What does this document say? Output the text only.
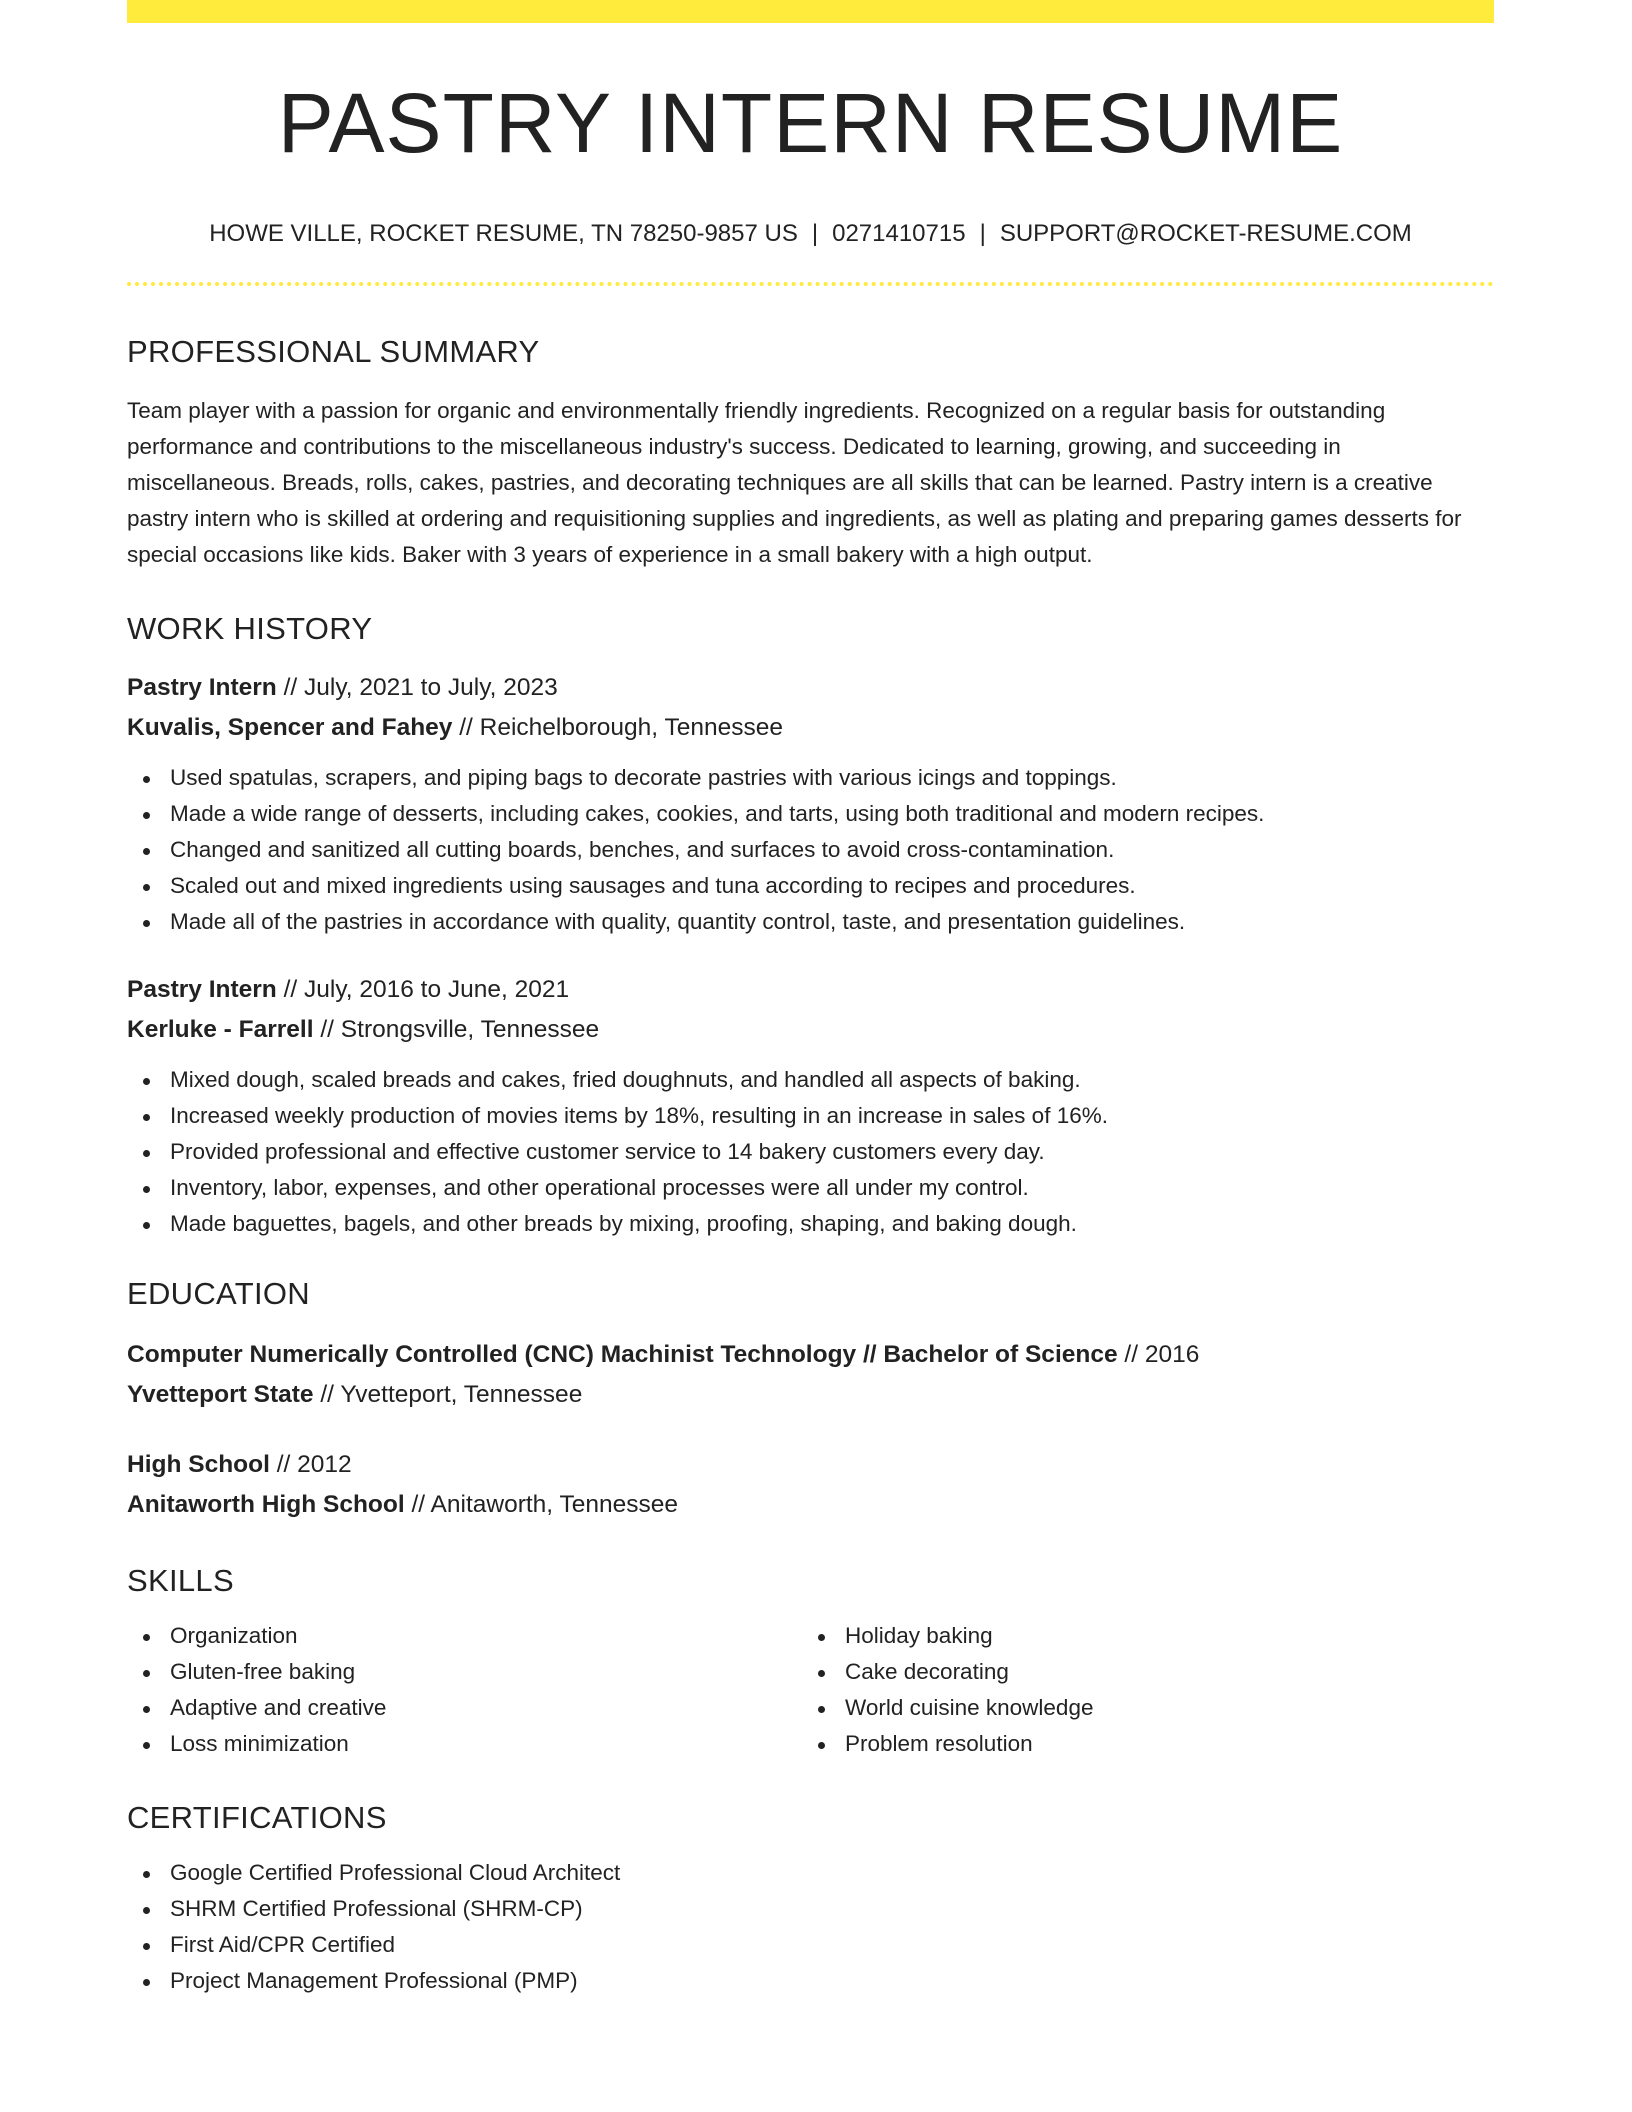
PASTRY INTERN RESUME
HOWE VILLE, ROCKET RESUME, TN 78250-9857 US | 0271410715 | SUPPORT@ROCKET-RESUME.COM
PROFESSIONAL SUMMARY
Team player with a passion for organic and environmentally friendly ingredients. Recognized on a regular basis for outstanding performance and contributions to the miscellaneous industry's success. Dedicated to learning, growing, and succeeding in miscellaneous. Breads, rolls, cakes, pastries, and decorating techniques are all skills that can be learned. Pastry intern is a creative pastry intern who is skilled at ordering and requisitioning supplies and ingredients, as well as plating and preparing games desserts for special occasions like kids. Baker with 3 years of experience in a small bakery with a high output.
WORK HISTORY
Pastry Intern // July, 2021 to July, 2023
Kuvalis, Spencer and Fahey // Reichelborough, Tennessee
Used spatulas, scrapers, and piping bags to decorate pastries with various icings and toppings.
Made a wide range of desserts, including cakes, cookies, and tarts, using both traditional and modern recipes.
Changed and sanitized all cutting boards, benches, and surfaces to avoid cross-contamination.
Scaled out and mixed ingredients using sausages and tuna according to recipes and procedures.
Made all of the pastries in accordance with quality, quantity control, taste, and presentation guidelines.
Pastry Intern // July, 2016 to June, 2021
Kerluke - Farrell // Strongsville, Tennessee
Mixed dough, scaled breads and cakes, fried doughnuts, and handled all aspects of baking.
Increased weekly production of movies items by 18%, resulting in an increase in sales of 16%.
Provided professional and effective customer service to 14 bakery customers every day.
Inventory, labor, expenses, and other operational processes were all under my control.
Made baguettes, bagels, and other breads by mixing, proofing, shaping, and baking dough.
EDUCATION
Computer Numerically Controlled (CNC) Machinist Technology // Bachelor of Science // 2016
Yvetteport State // Yvetteport, Tennessee
High School // 2012
Anitaworth High School // Anitaworth, Tennessee
SKILLS
Organization
Gluten-free baking
Adaptive and creative
Loss minimization
Holiday baking
Cake decorating
World cuisine knowledge
Problem resolution
CERTIFICATIONS
Google Certified Professional Cloud Architect
SHRM Certified Professional (SHRM-CP)
First Aid/CPR Certified
Project Management Professional (PMP)
